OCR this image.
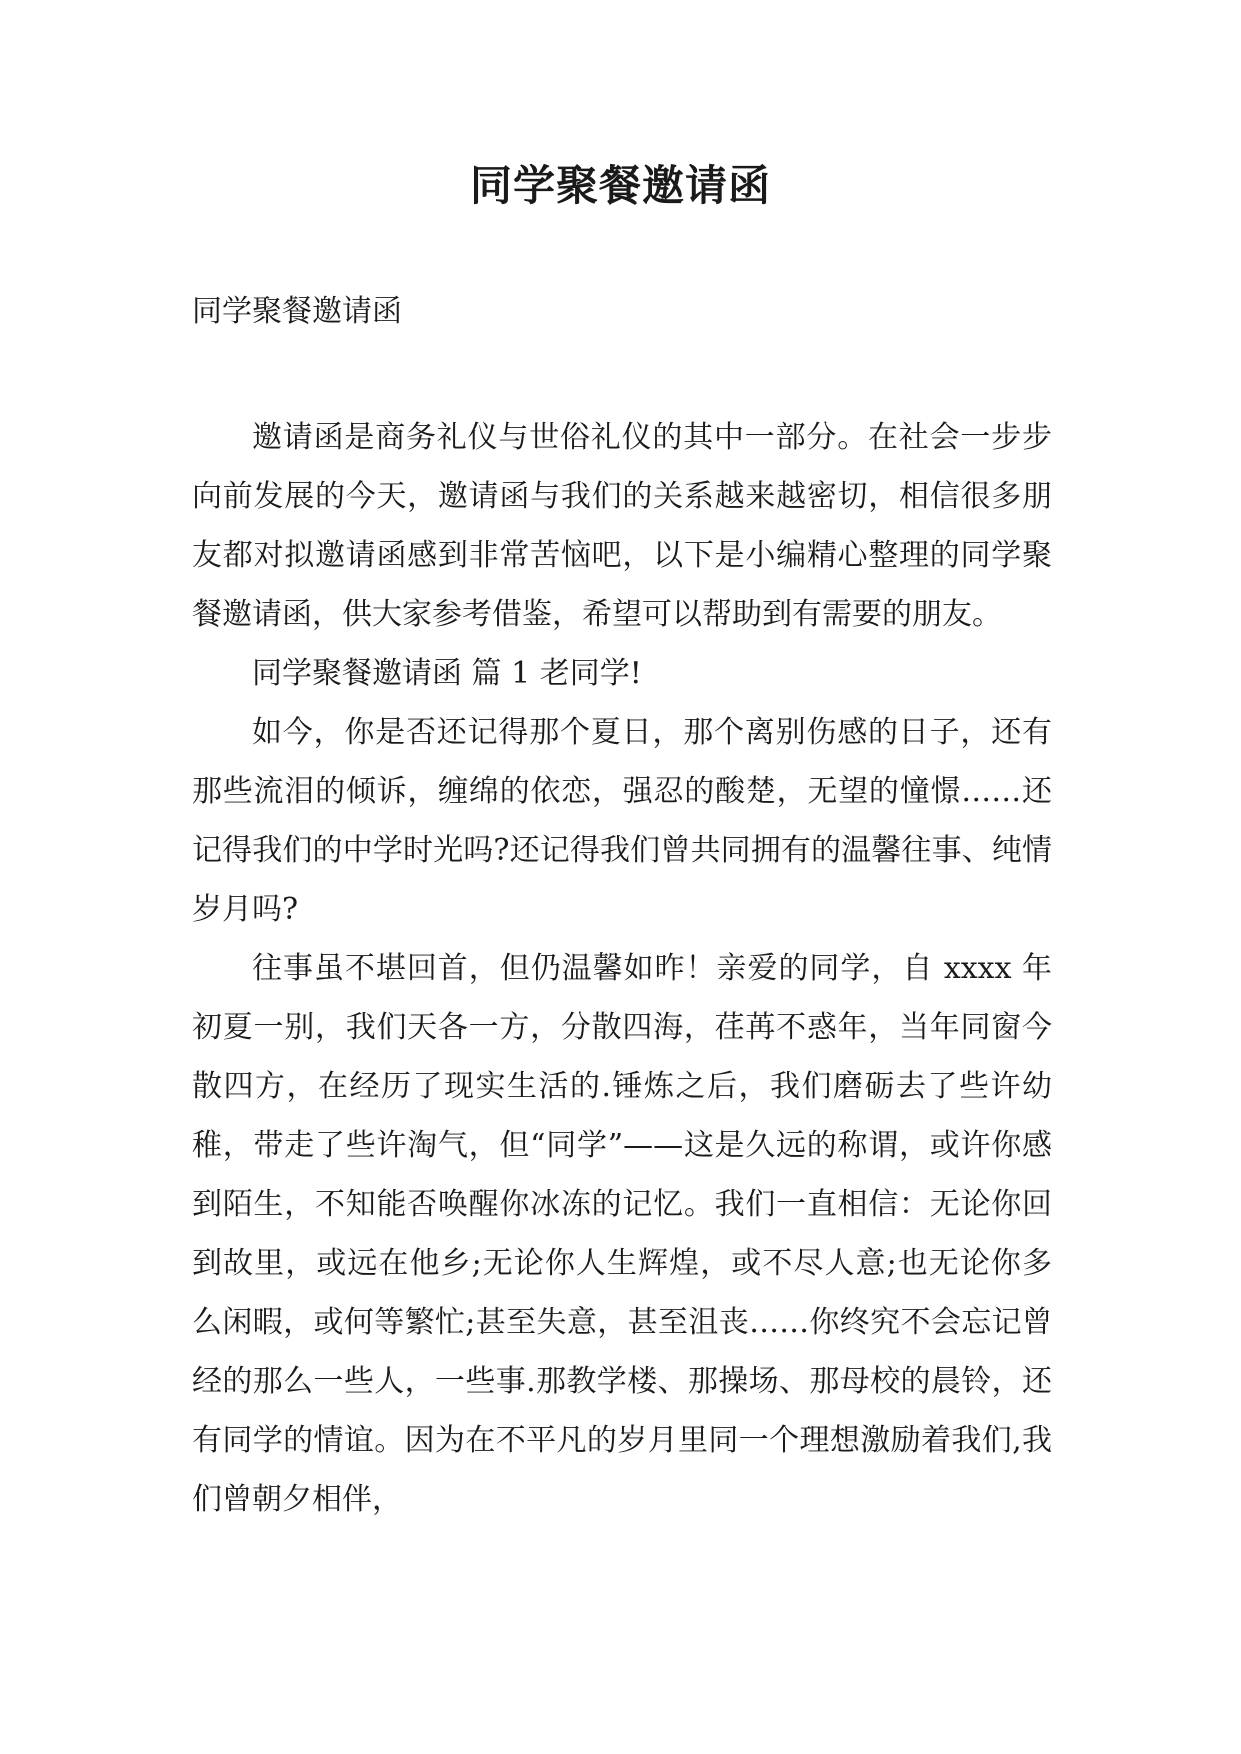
同学聚餐邀请函

同学聚餐邀请函

邀请函是商务礼仪与世俗礼仪的其中一部分。在社会一步步向前发展的今天，邀请函与我们的关系越来越密切，相信很多朋友都对拟邀请函感到非常苦恼吧，以下是小编精心整理的同学聚餐邀请函，供大家参考借鉴，希望可以帮助到有需要的朋友。

同学聚餐邀请函 篇 1 老同学!

如今，你是否还记得那个夏日，那个离别伤感的日子，还有那些流泪的倾诉，缠绵的依恋，强忍的酸楚，无望的憧憬……还记得我们的中学时光吗?还记得我们曾共同拥有的温馨往事、纯情岁月吗?

往事虽不堪回首，但仍温馨如昨！亲爱的同学，自 xxxx 年初夏一别，我们天各一方，分散四海，荏苒不惑年，当年同窗今散四方，在经历了现实生活的.锤炼之后，我们磨砺去了些许幼稚，带走了些许淘气，但“同学”——这是久远的称谓，或许你感到陌生，不知能否唤醒你冰冻的记忆。我们一直相信：无论你回到故里，或远在他乡;无论你人生辉煌，或不尽人意;也无论你多么闲暇，或何等繁忙;甚至失意，甚至沮丧……你终究不会忘记曾经的那么一些人，一些事.那教学楼、那操场、那母校的晨铃，还有同学的情谊。因为在不平凡的岁月里同一个理想激励着我们,我们曾朝夕相伴，
